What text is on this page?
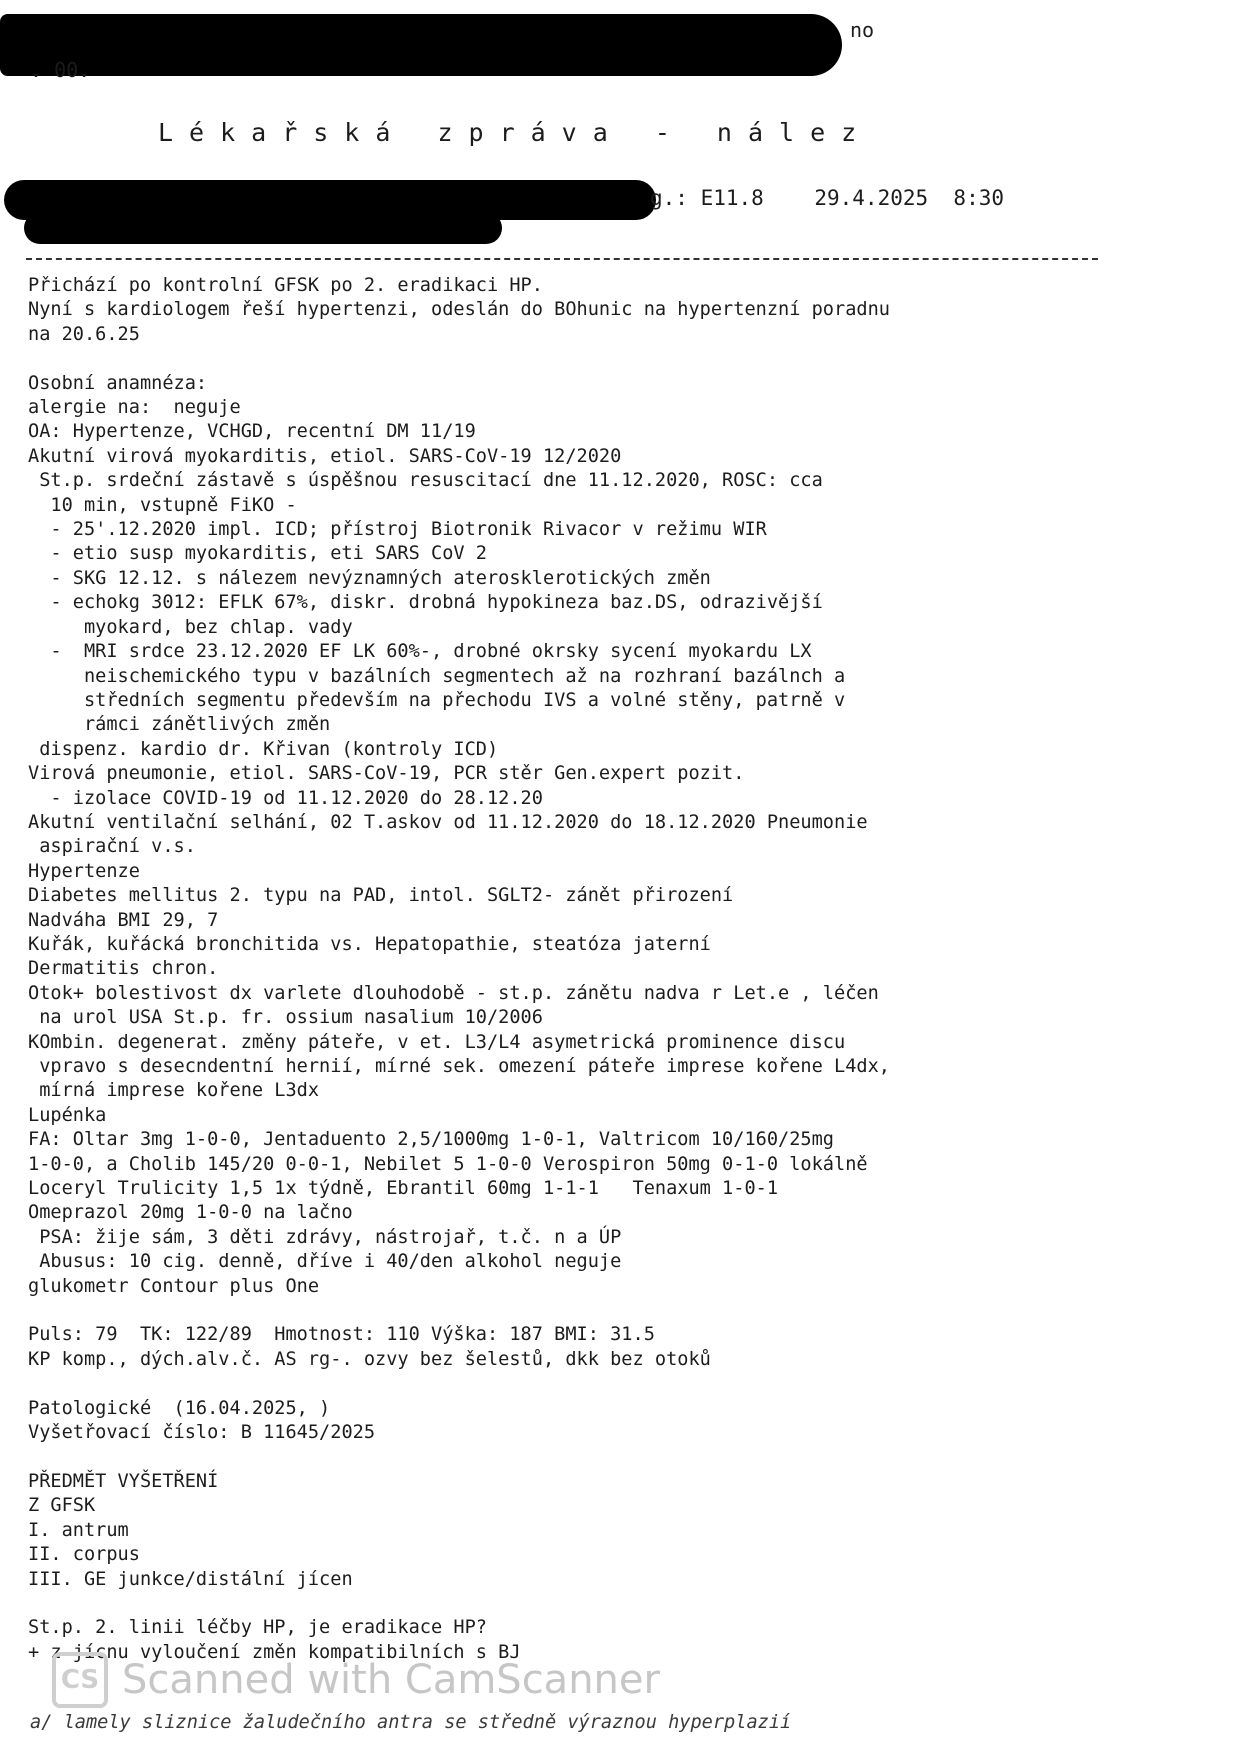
no
. 00.
Lékařská zpráva - nález
g.: E11.8    29.4.2025  8:30
Přichází po kontrolní GFSK po 2. eradikaci HP.
Nyní s kardiologem řeší hypertenzi, odeslán do BOhunic na hypertenzní poradnu
na 20.6.25

Osobní anamnéza:
alergie na:  neguje
OA: Hypertenze, VCHGD, recentní DM 11/19
Akutní virová myokarditis, etiol. SARS-CoV-19 12/2020
St.p. srdeční zástavě s úspěšnou resuscitací dne 11.12.2020, ROSC: cca
10 min, vstupně FiKO -
- 25'.12.2020 impl. ICD; přístroj Biotronik Rivacor v režimu WIR
- etio susp myokarditis, eti SARS CoV 2
- SKG 12.12. s nálezem nevýznamných aterosklerotických změn
- echokg 3012: EFLK 67%, diskr. drobná hypokineza baz.DS, odrazivější
myokard, bez chlap. vady
-  MRI srdce 23.12.2020 EF LK 60%-, drobné okrsky sycení myokardu LX
neischemického typu v bazálních segmentech až na rozhraní bazálnch a
středních segmentu především na přechodu IVS a volné stěny, patrně v
rámci zánětlivých změn
dispenz. kardio dr. Křivan (kontroly ICD)
Virová pneumonie, etiol. SARS-CoV-19, PCR stěr Gen.expert pozit.
- izolace COVID-19 od 11.12.2020 do 28.12.20
Akutní ventilační selhání, 02 T.askov od 11.12.2020 do 18.12.2020 Pneumonie
aspirační v.s.
Hypertenze
Diabetes mellitus 2. typu na PAD, intol. SGLT2- zánět přirození
Nadváha BMI 29, 7
Kuřák, kuřácká bronchitida vs. Hepatopathie, steatóza jaterní
Dermatitis chron.
Otok+ bolestivost dx varlete dlouhodobě - st.p. zánětu nadva r Let.e , léčen
na urol USA St.p. fr. ossium nasalium 10/2006
KOmbin. degenerat. změny páteře, v et. L3/L4 asymetrická prominence discu
vpravo s desecndentní hernií, mírné sek. omezení páteře imprese kořene L4dx,
mírná imprese kořene L3dx
Lupénka
FA: Oltar 3mg 1-0-0, Jentaduento 2,5/1000mg 1-0-1, Valtricom 10/160/25mg
1-0-0, a Cholib 145/20 0-0-1, Nebilet 5 1-0-0 Verospiron 50mg 0-1-0 lokálně
Loceryl Trulicity 1,5 1x týdně, Ebrantil 60mg 1-1-1   Tenaxum 1-0-1
Omeprazol 20mg 1-0-0 na lačno
PSA: žije sám, 3 děti zdrávy, nástrojař, t.č. n a ÚP
Abusus: 10 cig. denně, dříve i 40/den alkohol neguje
glukometr Contour plus One

Puls: 79  TK: 122/89  Hmotnost: 110 Výška: 187 BMI: 31.5
KP komp., dých.alv.č. AS rg-. ozvy bez šelestů, dkk bez otoků

Patologické  (16.04.2025, )
Vyšetřovací číslo: B 11645/2025

PŘEDMĚT VYŠETŘENÍ
Z GFSK
I. antrum
II. corpus
III. GE junkce/distální jícen

St.p. 2. linii léčby HP, je eradikace HP?
+ z jícnu vyloučení změn kompatibilních s BJ
CS Scanned with CamScanner
a/ lamely sliznice žaludečního antra se středně výraznou hyperplazií
